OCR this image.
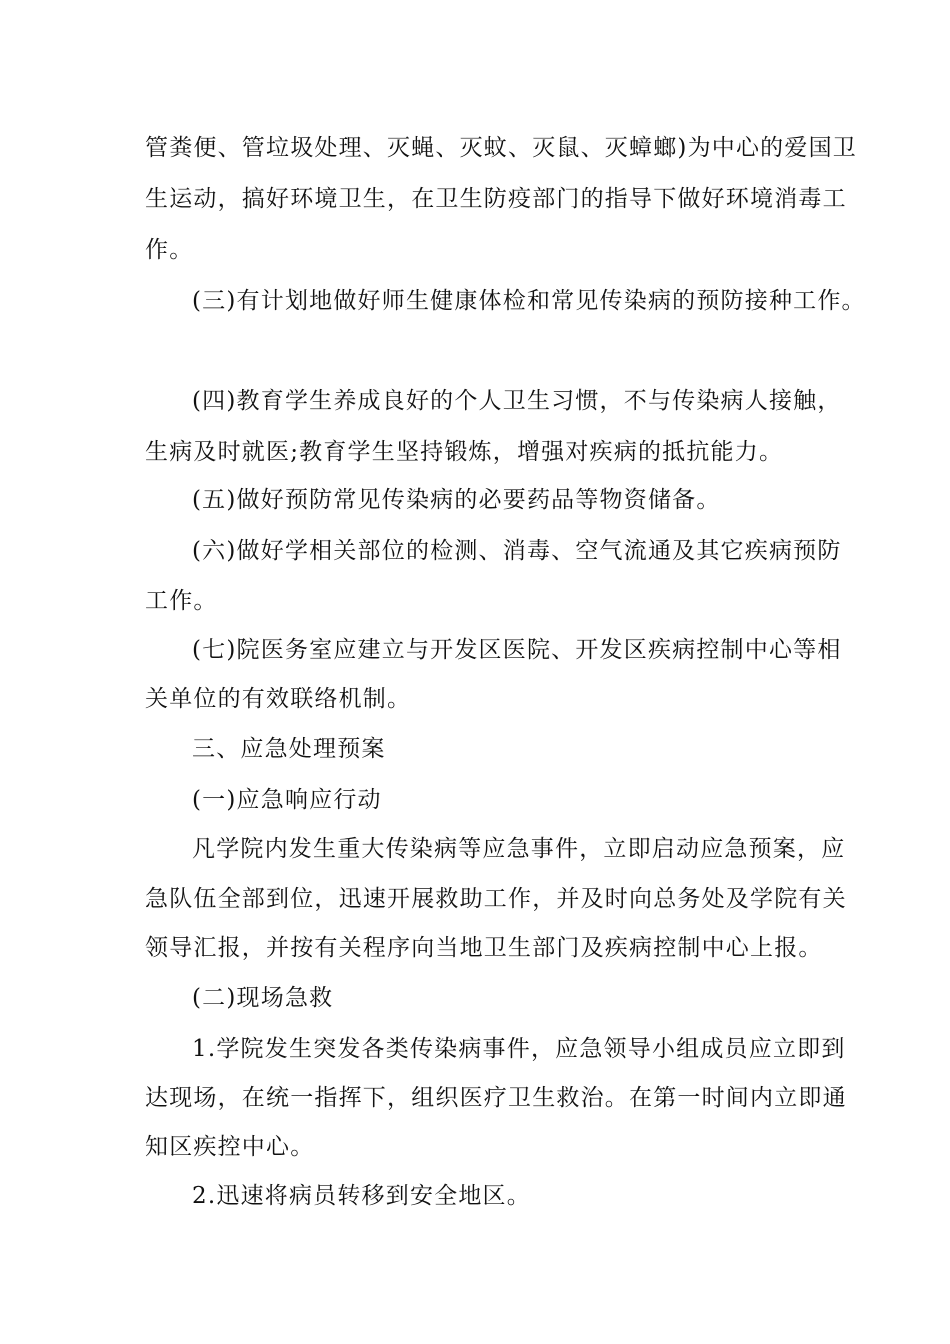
管粪便、管垃圾处理、灭蝇、灭蚊、灭鼠、灭蟑螂)为中心的爱国卫
生运动，搞好环境卫生，在卫生防疫部门的指导下做好环境消毒工
作。
(三)有计划地做好师生健康体检和常见传染病的预防接种工作。
(四)教育学生养成良好的个人卫生习惯，不与传染病人接触，
生病及时就医;教育学生坚持锻炼，增强对疾病的抵抗能力。
(五)做好预防常见传染病的必要药品等物资储备。
(六)做好学相关部位的检测、消毒、空气流通及其它疾病预防
工作。
(七)院医务室应建立与开发区医院、开发区疾病控制中心等相
关单位的有效联络机制。
三、应急处理预案
(一)应急响应行动
凡学院内发生重大传染病等应急事件，立即启动应急预案，应
急队伍全部到位，迅速开展救助工作，并及时向总务处及学院有关
领导汇报，并按有关程序向当地卫生部门及疾病控制中心上报。
(二)现场急救
1.学院发生突发各类传染病事件，应急领导小组成员应立即到
达现场，在统一指挥下，组织医疗卫生救治。在第一时间内立即通
知区疾控中心。
2.迅速将病员转移到安全地区。
